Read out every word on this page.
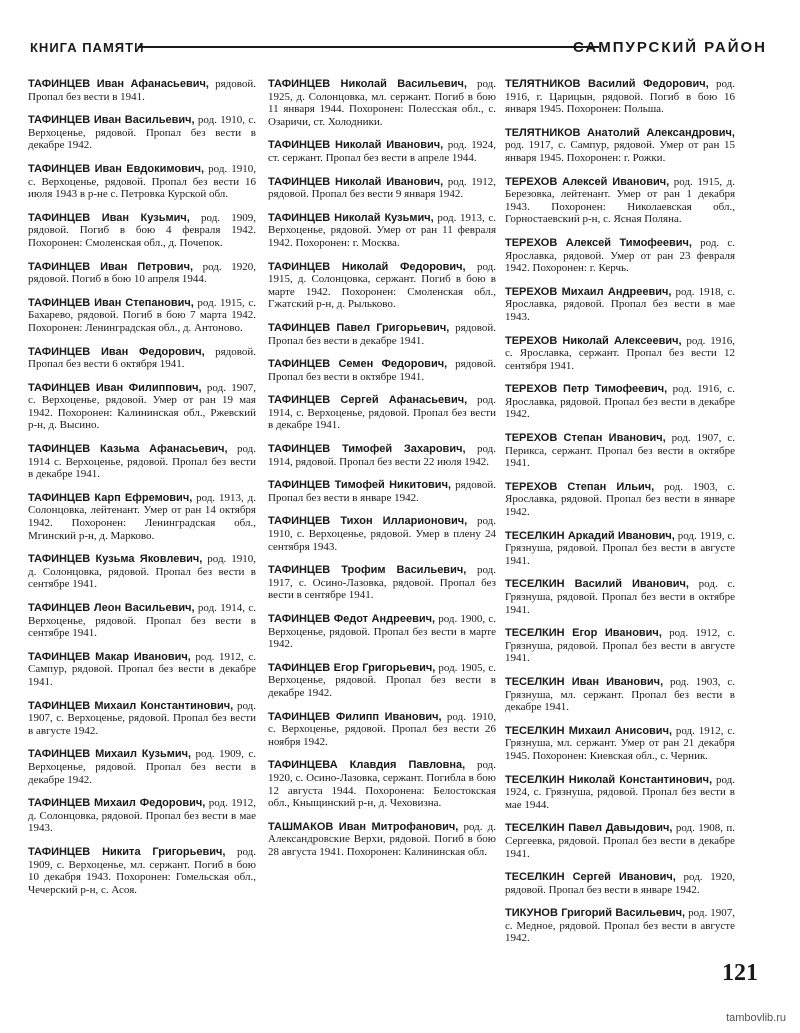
КНИГА ПАМЯТИ	САМПУРСКИЙ РАЙОН

ТАФИНЦЕВ Иван Афанасьевич, рядовой. Пропал без вести в 1941.

ТАФИНЦЕВ Иван Васильевич, род. 1910, с. Верхоценье, рядовой. Пропал без вести в декабре 1942.

ТАФИНЦЕВ Иван Евдокимович, род. 1910, с. Верхоценье, рядовой. Пропал без вести 16 июля 1943 в р-не с. Петровка Курской обл.

ТАФИНЦЕВ Иван Кузьмич, род. 1909, рядовой. Погиб в бою 4 февраля 1942. Похоронен: Смоленская обл., д. Почепок.

ТАФИНЦЕВ Иван Петрович, род. 1920, рядовой. Погиб в бою 10 апреля 1944.

ТАФИНЦЕВ Иван Степанович, род. 1915, с. Бахарево, рядовой. Погиб в бою 7 марта 1942. Похоронен: Ленинградская обл., д. Антоново.

ТАФИНЦЕВ Иван Федорович, рядовой. Пропал без вести 6 октября 1941.

ТАФИНЦЕВ Иван Филиппович, род. 1907, с. Верхоценье, рядовой. Умер от ран 19 мая 1942. Похоронен: Калининская обл., Ржевский р-н, д. Высино.

ТАФИНЦЕВ Казьма Афанасьевич, род. 1914 с. Верхоценье, рядовой. Пропал без вести в декабре 1941.

ТАФИНЦЕВ Карп Ефремович, род. 1913, д. Солонцовка, лейтенант. Умер от ран 14 октября 1942. Похоронен: Ленинградская обл., Мгинский р-н, д. Марково.

ТАФИНЦЕВ Кузьма Яковлевич, род. 1910, д. Солонцовка, рядовой. Пропал без вести в сентябре 1941.

ТАФИНЦЕВ Леон Васильевич, род. 1914, с. Верхоценье, рядовой. Пропал без вести в сентябре 1941.

ТАФИНЦЕВ Макар Иванович, род. 1912, с. Сампур, рядовой. Пропал без вести в декабре 1941.

ТАФИНЦЕВ Михаил Константинович, род. 1907, с. Верхоценье, рядовой. Пропал без вести в августе 1942.

ТАФИНЦЕВ Михаил Кузьмич, род. 1909, с. Верхоценье, рядовой. Пропал без вести в декабре 1942.

ТАФИНЦЕВ Михаил Федорович, род. 1912, д. Солонцовка, рядовой. Пропал без вести в мае 1943.

ТАФИНЦЕВ Никита Григорьевич, род. 1909, с. Верхоценье, мл. сержант. Погиб в бою 10 декабря 1943. Похоронен: Гомельская обл., Чечерский р-н, с. Асоя.

ТАФИНЦЕВ Николай Васильевич, род. 1925, д. Солонцовка, мл. сержант. Погиб в бою 11 января 1944. Похоронен: Полесская обл., с. Озаричи, ст. Холодники.

ТАФИНЦЕВ Николай Иванович, род. 1924, ст. сержант. Пропал без вести в апреле 1944.

ТАФИНЦЕВ Николай Иванович, род. 1912, рядовой. Пропал без вести 9 января 1942.

ТАФИНЦЕВ Николай Кузьмич, род. 1913, с. Верхоценье, рядовой. Умер от ран 11 февраля 1942. Похоронен: г. Москва.

ТАФИНЦЕВ Николай Федорович, род. 1915, д. Солонцовка, сержант. Погиб в бою в марте 1942. Похоронен: Смоленская обл., Гжатский р-н, д. Рыльково.

ТАФИНЦЕВ Павел Григорьевич, рядовой. Пропал без вести в декабре 1941.

ТАФИНЦЕВ Семен Федорович, рядовой. Пропал без вести в октябре 1941.

ТАФИНЦЕВ Сергей Афанасьевич, род. 1914, с. Верхоценье, рядовой. Пропал без вести в декабре 1941.

ТАФИНЦЕВ Тимофей Захарович, род. 1914, рядовой. Пропал без вести 22 июля 1942.

ТАФИНЦЕВ Тимофей Никитович, рядовой. Пропал без вести в январе 1942.

ТАФИНЦЕВ Тихон Илларионович, род. 1910, с. Верхоценье, рядовой. Умер в плену 24 сентября 1943.

ТАФИНЦЕВ Трофим Васильевич, род. 1917, с. Осино-Лазовка, рядовой. Пропал без вести в сентябре 1941.

ТАФИНЦЕВ Федот Андреевич, род. 1900, с. Верхоценье, рядовой. Пропал без вести в марте 1942.

ТАФИНЦЕВ Егор Григорьевич, род. 1905, с. Верхоценье, рядовой. Пропал без вести в декабре 1942.

ТАФИНЦЕВ Филипп Иванович, род. 1910, с. Верхоценье, рядовой. Пропал без вести 26 ноября 1942.

ТАФИНЦЕВА Клавдия Павловна, род. 1920, с. Осино-Лазовка, сержант. Погибла в бою 12 августа 1944. Похоронена: Белостокская обл., Кныщинский р-н, д. Чеховизна.

ТАШМАКОВ Иван Митрофанович, род. д. Александровские Верхи, рядовой. Погиб в бою 28 августа 1941. Похоронен: Калининская обл.

ТЕЛЯТНИКОВ Василий Федорович, род. 1916, г. Царицын, рядовой. Погиб в бою 16 января 1945. Похоронен: Польша.

ТЕЛЯТНИКОВ Анатолий Александрович, род. 1917, с. Сампур, рядовой. Умер от ран 15 января 1945. Похоронен: г. Рожки.

ТЕРЕХОВ Алексей Иванович, род. 1915, д. Березовка, лейтенант. Умер от ран 1 декабря 1943. Похоронен: Николаевская обл., Горностаевский р-н, с. Ясная Поляна.

ТЕРЕХОВ Алексей Тимофеевич, род. с. Ярославка, рядовой. Умер от ран 23 февраля 1942. Похоронен: г. Керчь.

ТЕРЕХОВ Михаил Андреевич, род. 1918, с. Ярославка, рядовой. Пропал без вести в мае 1943.

ТЕРЕХОВ Николай Алексеевич, род. 1916, с. Ярославка, сержант. Пропал без вести 12 сентября 1941.

ТЕРЕХОВ Петр Тимофеевич, род. 1916, с. Ярославка, рядовой. Пропал без вести в декабре 1942.

ТЕРЕХОВ Степан Иванович, род. 1907, с. Перикса, сержант. Пропал без вести в октябре 1941.

ТЕРЕХОВ Степан Ильич, род. 1903, с. Ярославка, рядовой. Пропал без вести в январе 1942.

ТЕСЕЛКИН Аркадий Иванович, род. 1919, с. Грязнуша, рядовой. Пропал без вести в августе 1941.

ТЕСЕЛКИН Василий Иванович, род. с. Грязнуша, рядовой. Пропал без вести в октябре 1941.

ТЕСЕЛКИН Егор Иванович, род. 1912, с. Грязнуша, рядовой. Пропал без вести в августе 1941.

ТЕСЕЛКИН Иван Иванович, род. 1903, с. Грязнуша, мл. сержант. Пропал без вести в декабре 1941.

ТЕСЕЛКИН Михаил Анисович, род. 1912, с. Грязнуша, мл. сержант. Умер от ран 21 декабря 1945. Похоронен: Киевская обл., с. Черник.

ТЕСЕЛКИН Николай Константинович, род. 1924, с. Грязнуша, рядовой. Пропал без вести в мае 1944.

ТЕСЕЛКИН Павел Давыдович, род. 1908, п. Сергеевка, рядовой. Пропал без вести в декабре 1941.

ТЕСЕЛКИН Сергей Иванович, род. 1920, рядовой. Пропал без вести в январе 1942.

ТИКУНОВ Григорий Васильевич, род. 1907, с. Медное, рядовой. Пропал без вести в августе 1942.

121
tambovlib.ru
